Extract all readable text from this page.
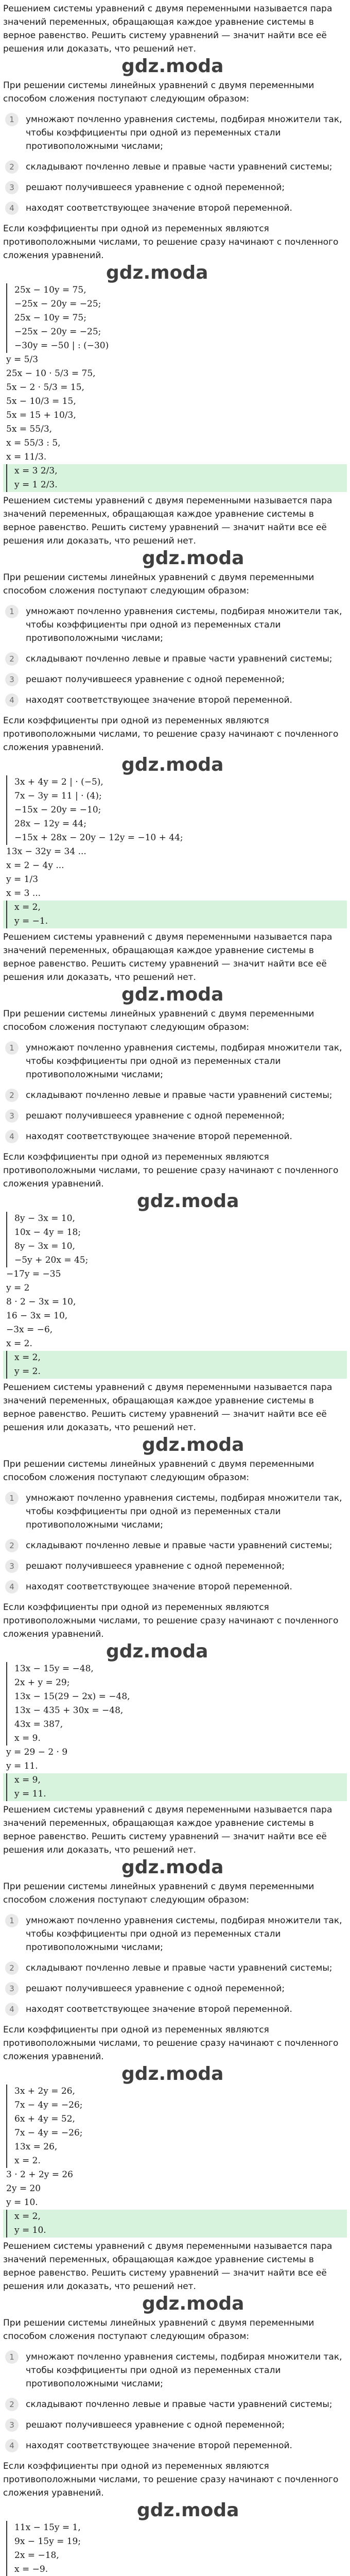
Решением системы уравнений с двумя переменными называется пара значений переменных, обращающая каждое уравнение системы в верное равенство. Решить систему уравнений — значит найти все её решения или доказать, что решений нет.

gdz.moda

При решении системы линейных уравнений с двумя переменными способом сложения поступают следующим образом:

1	умножают почленно уравнения системы, подбирая множители так, чтобы коэффициенты при одной из переменных стали противоположными числами;
2	складывают почленно левые и правые части уравнений системы;
3	решают получившееся уравнение с одной переменной;
4	находят соответствующее значение второй переменной.

Если коэффициенты при одной из переменных являются противоположными числами, то решение сразу начинают с почленного сложения уравнений.

gdz.moda
25x − 10y = 75,
−25x − 20y = −25;
25x − 10y = 75;
−25x − 20y = −25;
−30y = −50 | : (−30)
y = 5/3
25x − 10 · 5/3 = 75,
5x − 2 · 5/3 = 15,
5x − 10/3 = 15,
5x = 15 + 10/3,
5x = 55/3,
x = 55/3 : 5,
x = 11/3.
x = 3 2/3,
y = 1 2/3.

Решением системы уравнений с двумя переменными называется пара значений переменных, обращающая каждое уравнение системы в верное равенство. Решить систему уравнений — значит найти все её решения или доказать, что решений нет.

gdz.moda

При решении системы линейных уравнений с двумя переменными способом сложения поступают следующим образом:

1	умножают почленно уравнения системы, подбирая множители так, чтобы коэффициенты при одной из переменных стали противоположными числами;
2	складывают почленно левые и правые части уравнений системы;
3	решают получившееся уравнение с одной переменной;
4	находят соответствующее значение второй переменной.

Если коэффициенты при одной из переменных являются противоположными числами, то решение сразу начинают с почленного сложения уравнений.

gdz.moda
3x + 4y = 2 | · (−5),
7x − 3y = 11 | · (4);
−15x − 20y = −10;
28x − 12y = 44;
−15x + 28x − 20y − 12y = −10 + 44;
13x − 32y = 34 ...
x = 2 − 4y ...
y = 1/3
x = 3 ...
x = 2,
y = −1.

Решением системы уравнений с двумя переменными называется пара значений переменных, обращающая каждое уравнение системы в верное равенство. Решить систему уравнений — значит найти все её решения или доказать, что решений нет.

gdz.moda

При решении системы линейных уравнений с двумя переменными способом сложения поступают следующим образом:

1	умножают почленно уравнения системы, подбирая множители так, чтобы коэффициенты при одной из переменных стали противоположными числами;
2	складывают почленно левые и правые части уравнений системы;
3	решают получившееся уравнение с одной переменной;
4	находят соответствующее значение второй переменной.

Если коэффициенты при одной из переменных являются противоположными числами, то решение сразу начинают с почленного сложения уравнений.

gdz.moda
8y − 3x = 10,
10x − 4y = 18;
8y − 3x = 10,
−5y + 20x = 45;
−17y = −35
y = 2
8 · 2 − 3x = 10,
16 − 3x = 10,
−3x = −6,
x = 2.
x = 2,
y = 2.

Решением системы уравнений с двумя переменными называется пара значений переменных, обращающая каждое уравнение системы в верное равенство. Решить систему уравнений — значит найти все её решения или доказать, что решений нет.

gdz.moda

При решении системы линейных уравнений с двумя переменными способом сложения поступают следующим образом:

1	умножают почленно уравнения системы, подбирая множители так, чтобы коэффициенты при одной из переменных стали противоположными числами;
2	складывают почленно левые и правые части уравнений системы;
3	решают получившееся уравнение с одной переменной;
4	находят соответствующее значение второй переменной.

Если коэффициенты при одной из переменных являются противоположными числами, то решение сразу начинают с почленного сложения уравнений.

gdz.moda
13x − 15y = −48,
2x + y = 29;
13x − 15(29 − 2x) = −48,
13x − 435 + 30x = −48,
43x = 387,
x = 9.
y = 29 − 2 · 9
y = 11.
x = 9,
y = 11.

Решением системы уравнений с двумя переменными называется пара значений переменных, обращающая каждое уравнение системы в верное равенство. Решить систему уравнений — значит найти все её решения или доказать, что решений нет.

gdz.moda

При решении системы линейных уравнений с двумя переменными способом сложения поступают следующим образом:

1	умножают почленно уравнения системы, подбирая множители так, чтобы коэффициенты при одной из переменных стали противоположными числами;
2	складывают почленно левые и правые части уравнений системы;
3	решают получившееся уравнение с одной переменной;
4	находят соответствующее значение второй переменной.

Если коэффициенты при одной из переменных являются противоположными числами, то решение сразу начинают с почленного сложения уравнений.

gdz.moda
3x + 2y = 26,
7x − 4y = −26;
6x + 4y = 52,
7x − 4y = −26;
13x = 26,
x = 2.
3 · 2 + 2y = 26
2y = 20
y = 10.
x = 2,
y = 10.

Решением системы уравнений с двумя переменными называется пара значений переменных, обращающая каждое уравнение системы в верное равенство. Решить систему уравнений — значит найти все её решения или доказать, что решений нет.

gdz.moda

При решении системы линейных уравнений с двумя переменными способом сложения поступают следующим образом:

1	умножают почленно уравнения системы, подбирая множители так, чтобы коэффициенты при одной из переменных стали противоположными числами;
2	складывают почленно левые и правые части уравнений системы;
3	решают получившееся уравнение с одной переменной;
4	находят соответствующее значение второй переменной.

Если коэффициенты при одной из переменных являются противоположными числами, то решение сразу начинают с почленного сложения уравнений.

gdz.moda
11x − 15y = 1,
9x − 15y = 19;
2x = −18,
x = −9.
